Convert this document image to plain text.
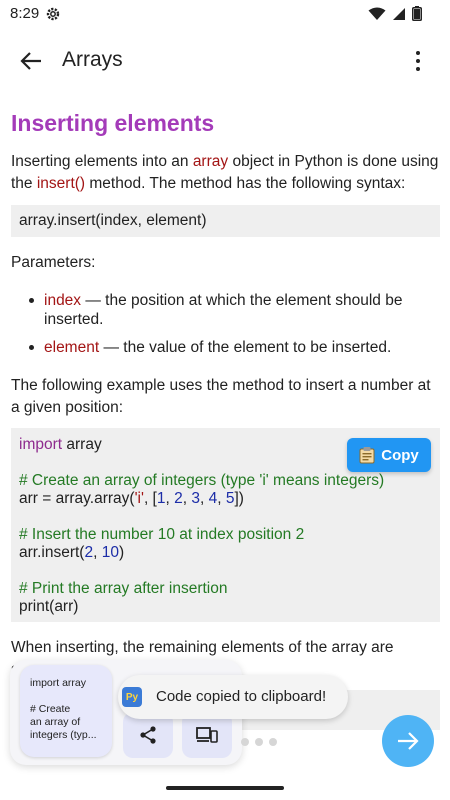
8:29
Arrays
Inserting elements
Inserting elements into an array object in Python is done using the insert() method. The method has the following syntax:
array.insert(index, element)
Parameters:
index — the position at which the element should be inserted.
element — the value of the element to be inserted.
The following example uses the method to insert a number at a given position:
import array
# Create an array of integers (type 'i' means integers)
arr = array.array('i', [1, 2, 3, 4, 5])
# Insert the number 10 at index position 2
arr.insert(2, 10)
# Print the array after insertion
print(arr)
Copy
When inserting, the remaining elements of the array are
import array

# Create
an array of
integers (typ...
Py Code copied to clipboard!
